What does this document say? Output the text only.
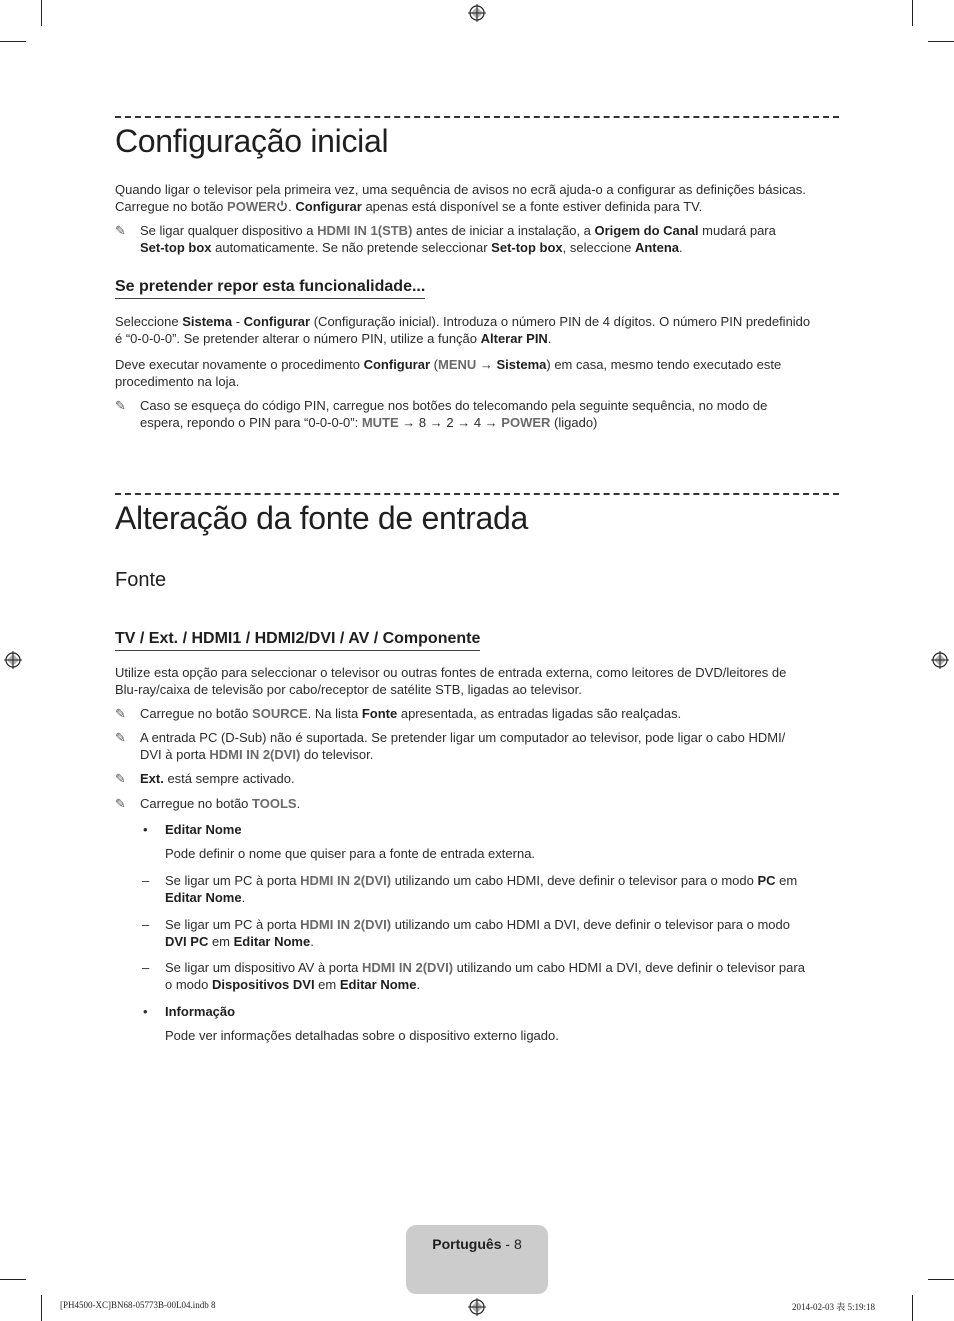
Configuração inicial
Quando ligar o televisor pela primeira vez, uma sequência de avisos no ecrã ajuda-o a configurar as definições básicas.
Carregue no botão POWER . Configurar apenas está disponível se a fonte estiver definida para TV.
✎	Se ligar qualquer dispositivo a HDMI IN 1(STB) antes de iniciar a instalação, a Origem do Canal mudará para
Set-top box automaticamente. Se não pretende seleccionar Set-top box, seleccione Antena.
Se pretender repor esta funcionalidade...
Seleccione Sistema - Configurar (Configuração inicial). Introduza o número PIN de 4 dígitos. O número PIN predefinido
é “0-0-0-0”. Se pretender alterar o número PIN, utilize a função Alterar PIN.
Deve executar novamente o procedimento Configurar (MENU → Sistema) em casa, mesmo tendo executado este
procedimento na loja.
✎	Caso se esqueça do código PIN, carregue nos botões do telecomando pela seguinte sequência, no modo de
espera, repondo o PIN para “0-0-0-0”: MUTE → 8 → 2 → 4 → POWER (ligado)
Alteração da fonte de entrada
Fonte
TV / Ext. / HDMI1 / HDMI2/DVI / AV / Componente
Utilize esta opção para seleccionar o televisor ou outras fontes de entrada externa, como leitores de DVD/leitores de
Blu-ray/caixa de televisão por cabo/receptor de satélite STB, ligadas ao televisor.
✎	Carregue no botão SOURCE. Na lista Fonte apresentada, as entradas ligadas são realçadas.
✎	A entrada PC (D-Sub) não é suportada. Se pretender ligar um computador ao televisor, pode ligar o cabo HDMI/
DVI à porta HDMI IN 2(DVI) do televisor.
✎	Ext. está sempre activado.
✎	Carregue no botão TOOLS.
•	Editar Nome
Pode definir o nome que quiser para a fonte de entrada externa.
–	Se ligar um PC à porta HDMI IN 2(DVI) utilizando um cabo HDMI, deve definir o televisor para o modo PC em
Editar Nome.
–	Se ligar um PC à porta HDMI IN 2(DVI) utilizando um cabo HDMI a DVI, deve definir o televisor para o modo
DVI PC em Editar Nome.
–	Se ligar um dispositivo AV à porta HDMI IN 2(DVI) utilizando um cabo HDMI a DVI, deve definir o televisor para
o modo Dispositivos DVI em Editar Nome.
•	Informação
Pode ver informações detalhadas sobre o dispositivo externo ligado.
Português - 8
[PH4500-XC]BN68-05773B-00L04.indb 8	2014-02-03 表 5:19:18
